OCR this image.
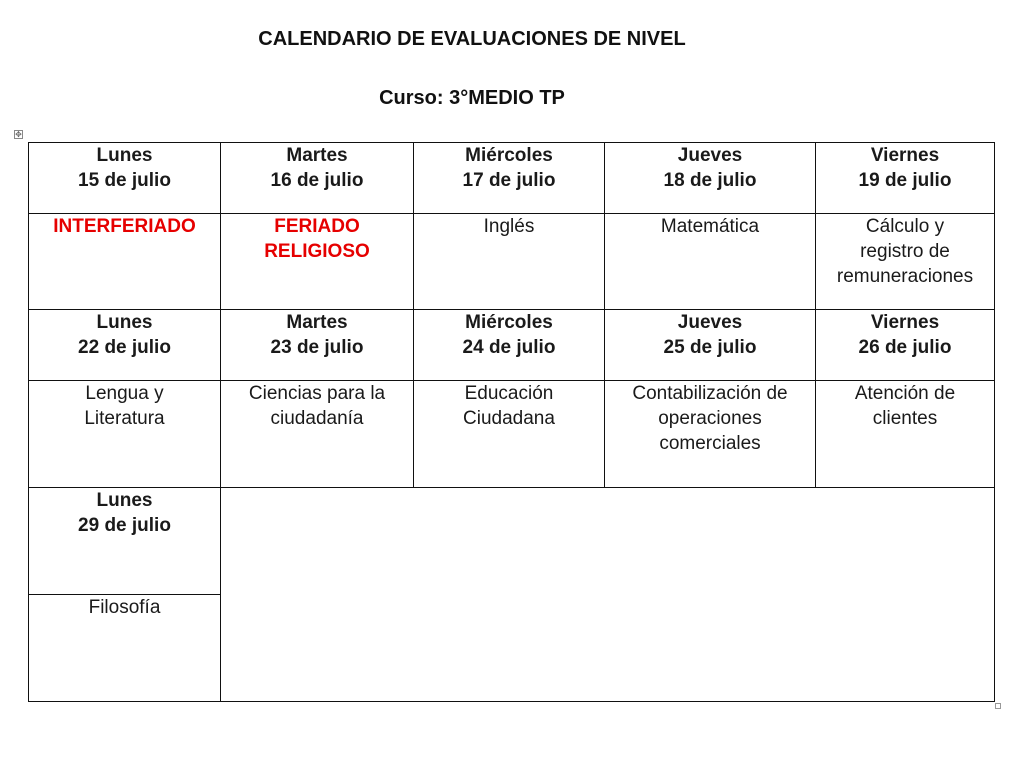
CALENDARIO DE EVALUACIONES DE NIVEL
Curso: 3°MEDIO TP
✥
Lunes
15 de julio	Martes
16 de julio	Miércoles
17 de julio	Jueves
18 de julio	Viernes
19 de julio

INTERFERIADO	FERIADO
RELIGIOSO	Inglés	Matemática	Cálculo y
registro de
remuneraciones

Lunes
22 de julio	Martes
23 de julio	Miércoles
24 de julio	Jueves
25 de julio	Viernes
26 de julio

Lengua y
Literatura	Ciencias para la
ciudadanía	Educación
Ciudadana	Contabilización de
operaciones
comerciales	Atención de
clientes

Lunes
29 de julio				

Filosofía				
